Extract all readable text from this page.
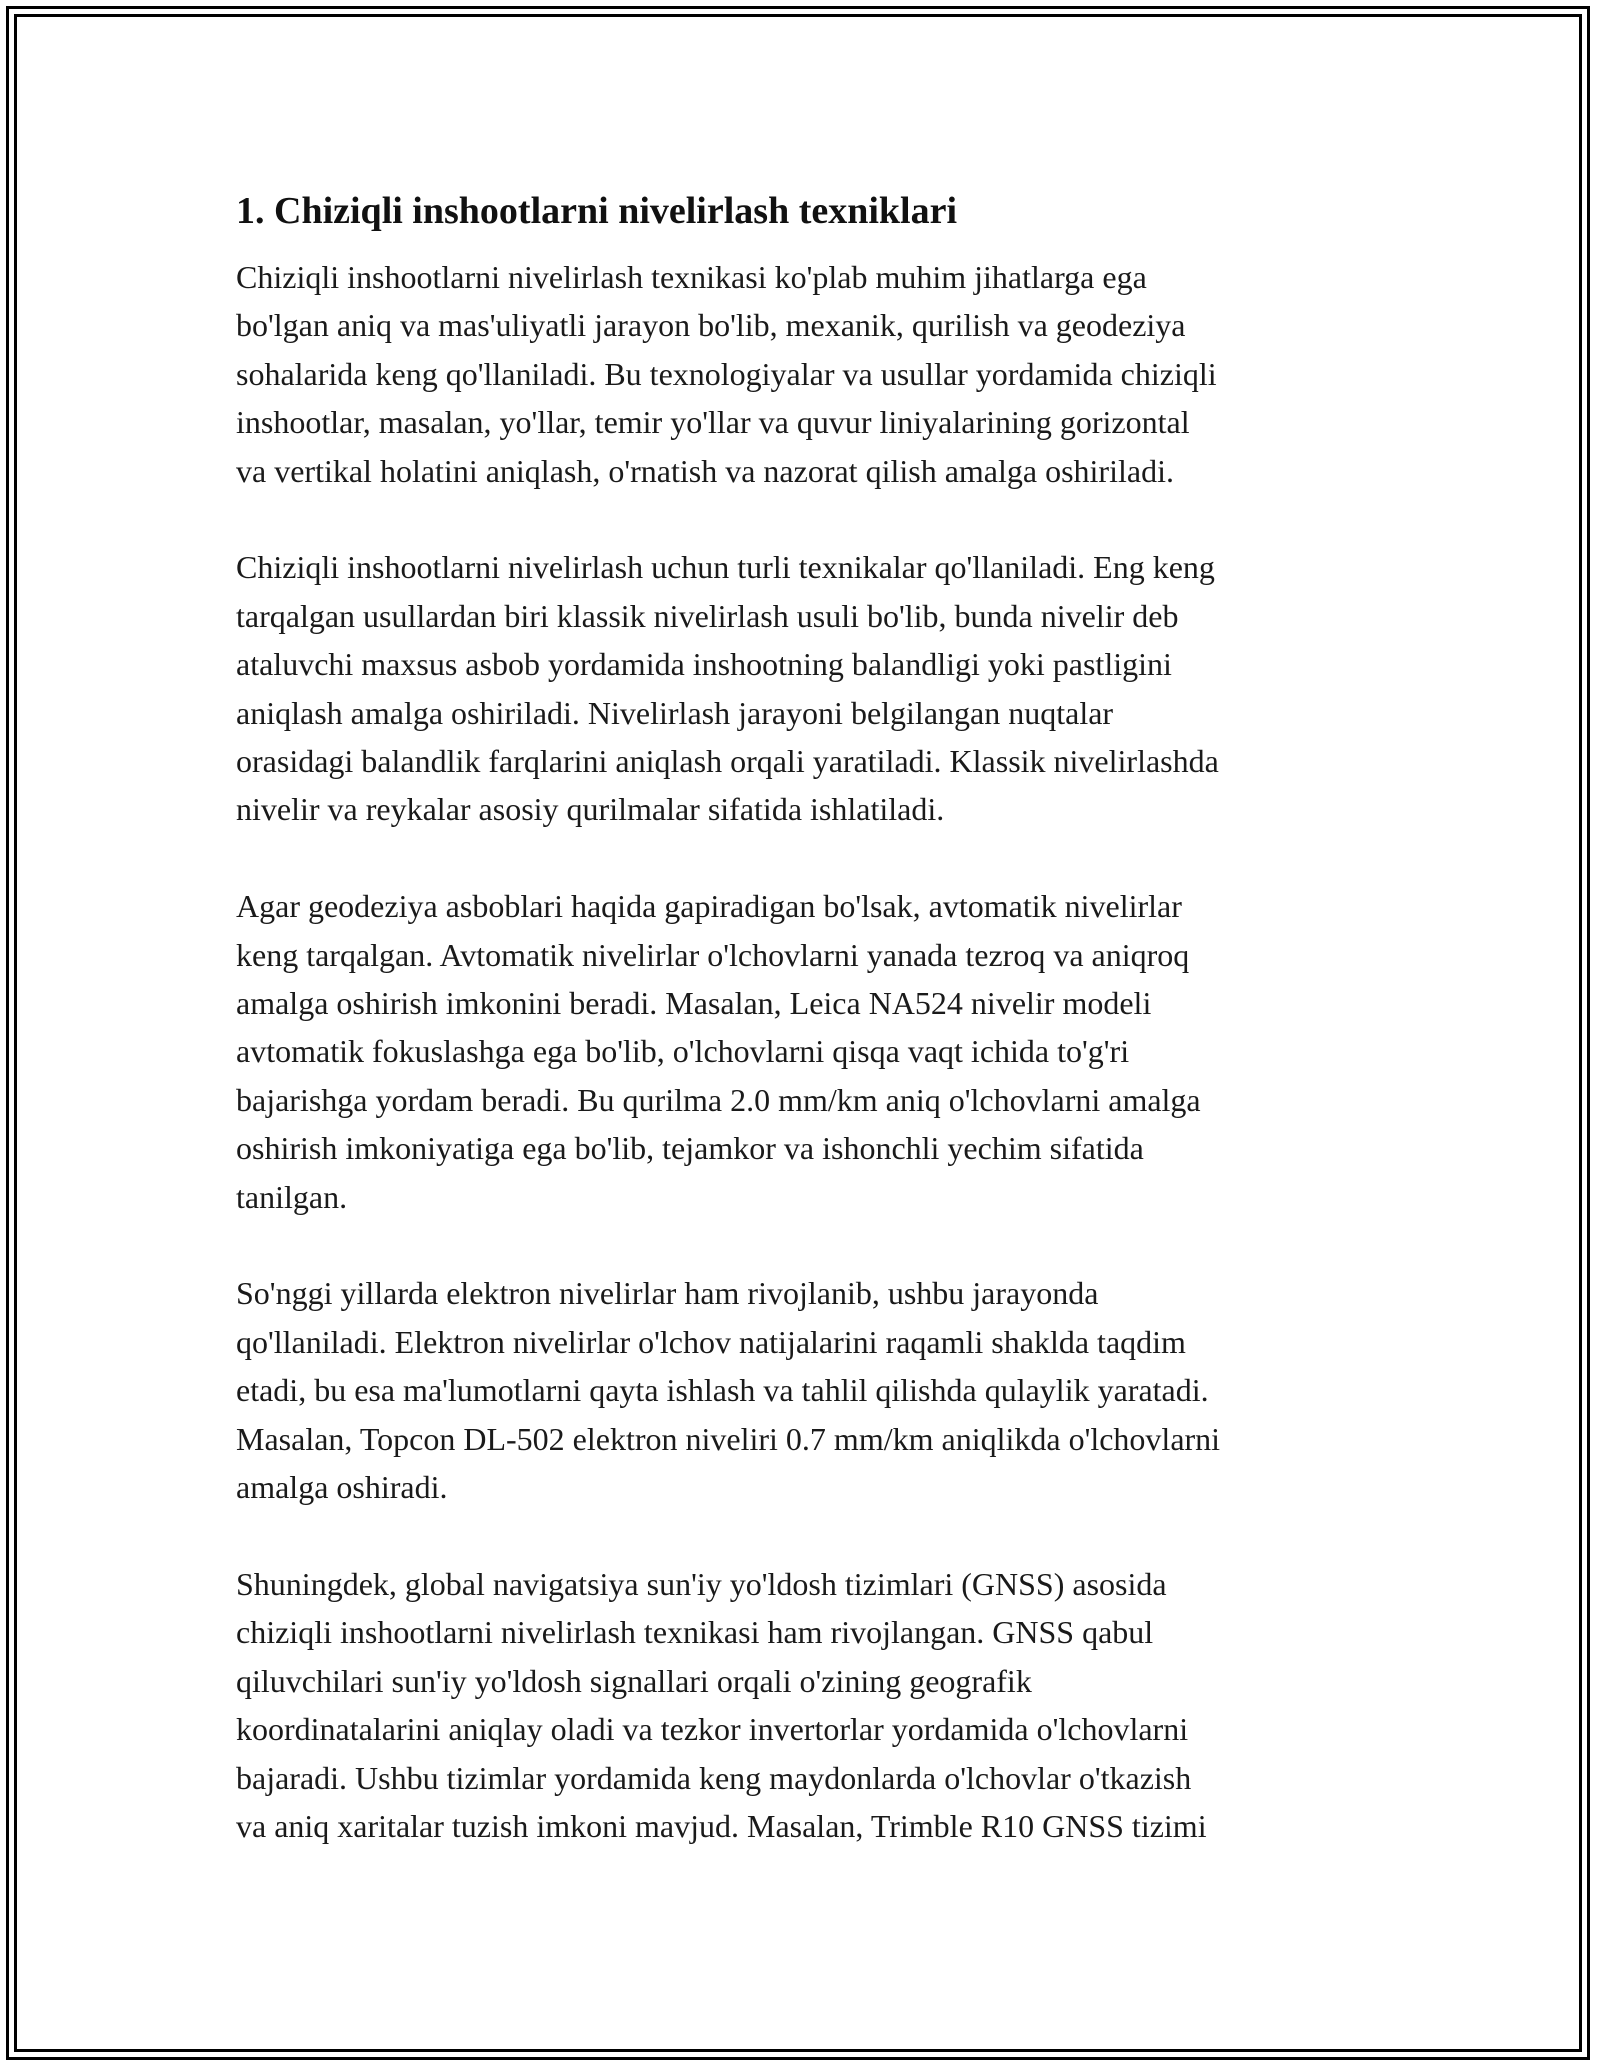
1. Chiziqli inshootlarni nivelirlash texniklari

Chiziqli inshootlarni nivelirlash texnikasi ko'plab muhim jihatlarga ega
bo'lgan aniq va mas'uliyatli jarayon bo'lib, mexanik, qurilish va geodeziya
sohalarida keng qo'llaniladi. Bu texnologiyalar va usullar yordamida chiziqli
inshootlar, masalan, yo'llar, temir yo'llar va quvur liniyalarining gorizontal
va vertikal holatini aniqlash, o'rnatish va nazorat qilish amalga oshiriladi.

Chiziqli inshootlarni nivelirlash uchun turli texnikalar qo'llaniladi. Eng keng
tarqalgan usullardan biri klassik nivelirlash usuli bo'lib, bunda nivelir deb
ataluvchi maxsus asbob yordamida inshootning balandligi yoki pastligini
aniqlash amalga oshiriladi. Nivelirlash jarayoni belgilangan nuqtalar
orasidagi balandlik farqlarini aniqlash orqali yaratiladi. Klassik nivelirlashda
nivelir va reykalar asosiy qurilmalar sifatida ishlatiladi.

Agar geodeziya asboblari haqida gapiradigan bo'lsak, avtomatik nivelirlar
keng tarqalgan. Avtomatik nivelirlar o'lchovlarni yanada tezroq va aniqroq
amalga oshirish imkonini beradi. Masalan, Leica NA524 nivelir modeli
avtomatik fokuslashga ega bo'lib, o'lchovlarni qisqa vaqt ichida to'g'ri
bajarishga yordam beradi. Bu qurilma 2.0 mm/km aniq o'lchovlarni amalga
oshirish imkoniyatiga ega bo'lib, tejamkor va ishonchli yechim sifatida
tanilgan.

So'nggi yillarda elektron nivelirlar ham rivojlanib, ushbu jarayonda
qo'llaniladi. Elektron nivelirlar o'lchov natijalarini raqamli shaklda taqdim
etadi, bu esa ma'lumotlarni qayta ishlash va tahlil qilishda qulaylik yaratadi.
Masalan, Topcon DL-502 elektron niveliri 0.7 mm/km aniqlikda o'lchovlarni
amalga oshiradi.

Shuningdek, global navigatsiya sun'iy yo'ldosh tizimlari (GNSS) asosida
chiziqli inshootlarni nivelirlash texnikasi ham rivojlangan. GNSS qabul
qiluvchilari sun'iy yo'ldosh signallari orqali o'zining geografik
koordinatalarini aniqlay oladi va tezkor invertorlar yordamida o'lchovlarni
bajaradi. Ushbu tizimlar yordamida keng maydonlarda o'lchovlar o'tkazish
va aniq xaritalar tuzish imkoni mavjud. Masalan, Trimble R10 GNSS tizimi
